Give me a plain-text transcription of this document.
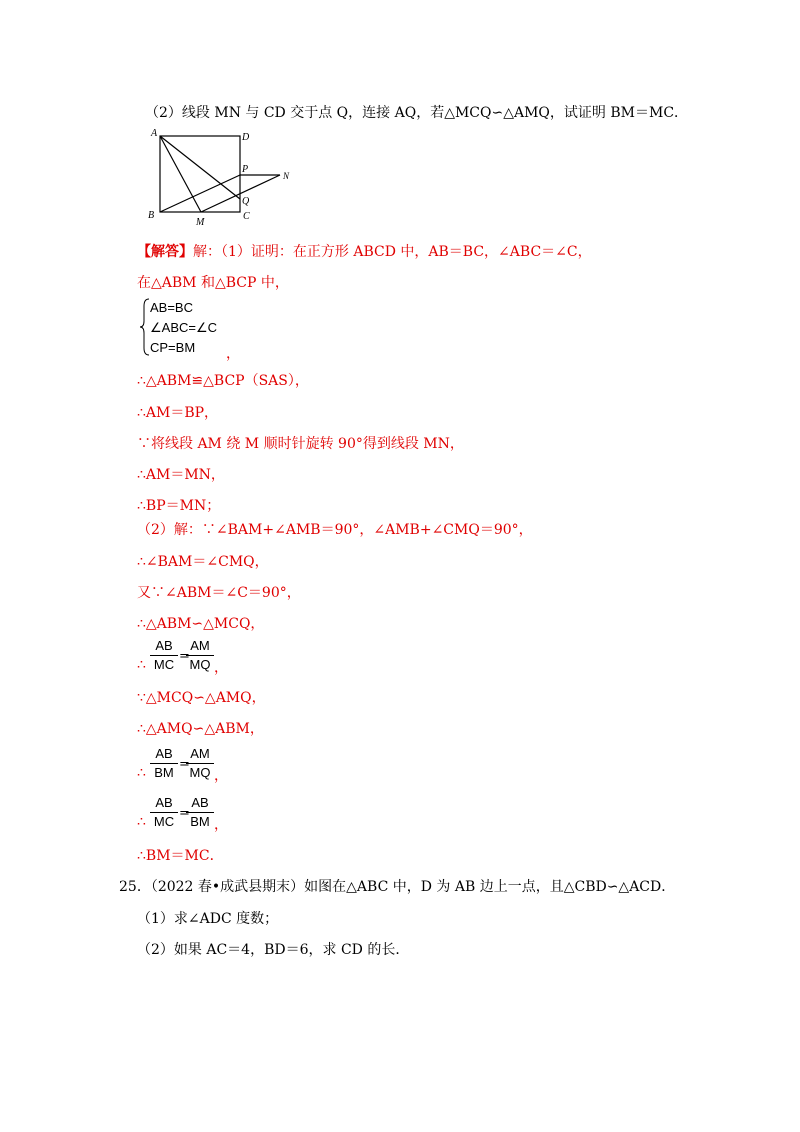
（2）线段 MN 与 CD 交于点 Q，连接 AQ，若△MCQ∽△AMQ，试证明 BM＝MC．
A	D
P
N
Q
B
M
C
【解答】解：（1）证明：在正方形 ABCD 中，AB＝BC，∠ABC＝∠C，
在△ABM 和△BCP 中，
AB=BC
∠ABC=∠C
CP=BM ，
∴△ABM≌△BCP（SAS），
∴AM＝BP，
∵将线段 AM 绕 M 顺时针旋转 90°得到线段 MN，
∴AM＝MN，
∴BP＝MN；
（2）解：∵∠BAM+∠AMB＝90°，∠AMB+∠CMQ＝90°，
∴∠BAM＝∠CMQ，
又∵∠ABM＝∠C＝90°，
∴△ABM∽△MCQ，
∴
AB
MC
=
AM
MQ ，
∵△MCQ∽△AMQ，
∴△AMQ∽△ABM，
∴
AB
BM
=
AM
MQ ，
∴
AB
MC
=
AB
BM ，
∴BM＝MC．
25．（2022 春•成武县期末）如图在△ABC 中，D 为 AB 边上一点，且△CBD∽△ACD．
（1）求∠ADC 度数；
（2）如果 AC＝4，BD＝6，求 CD 的长．
